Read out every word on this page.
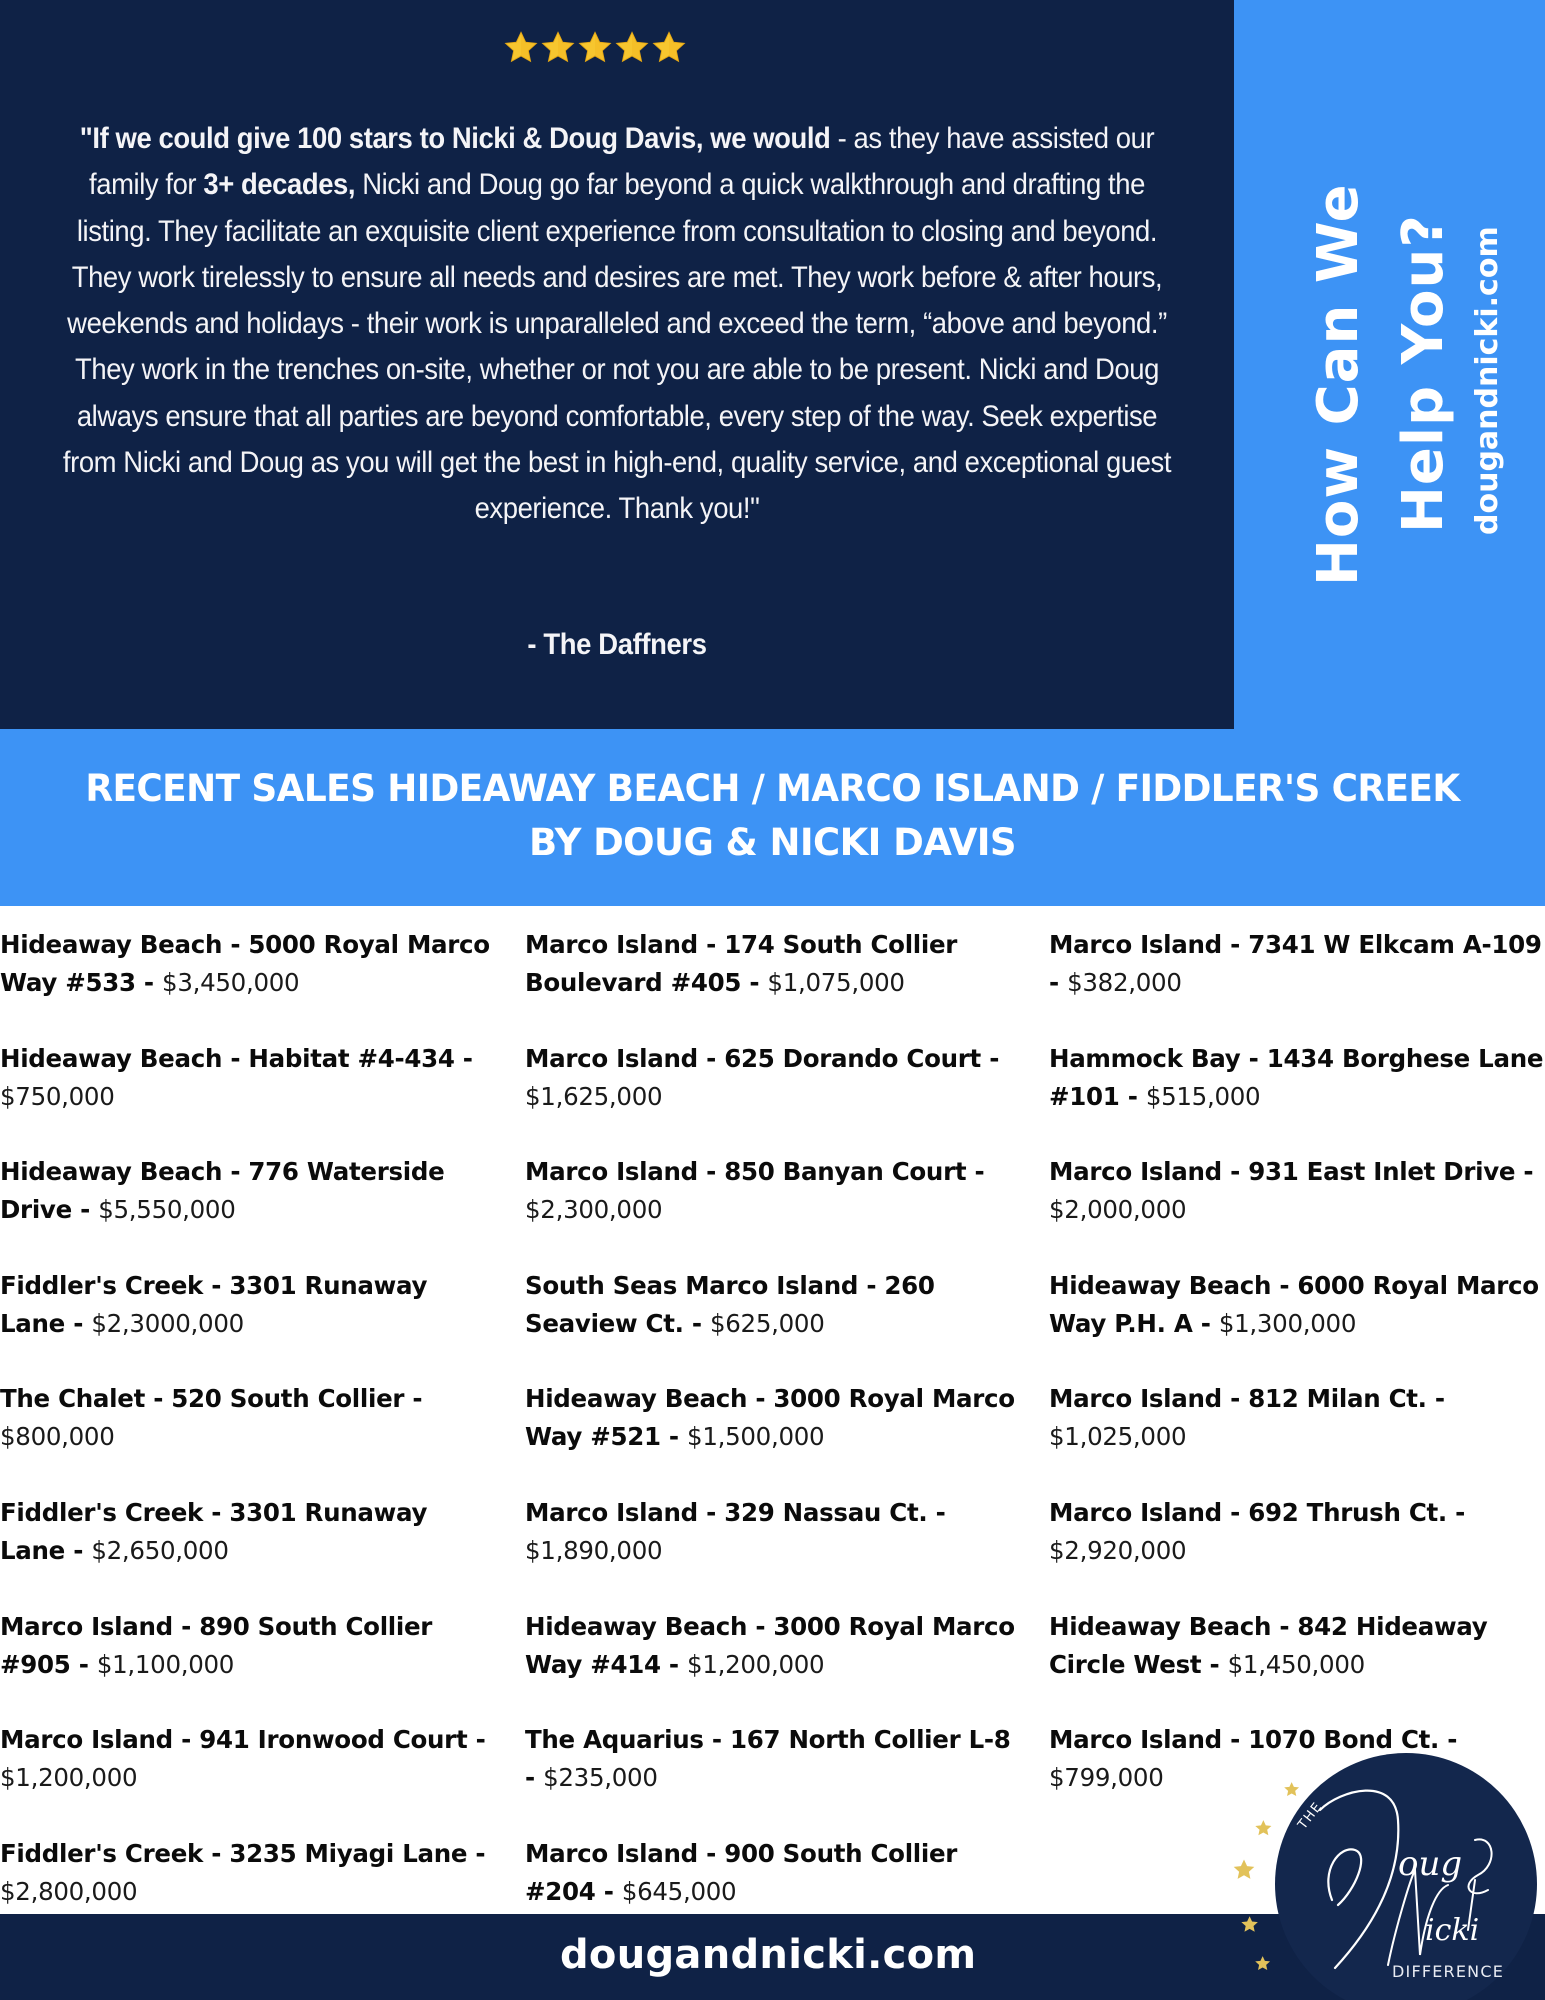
"If we could give 100 stars to Nicki & Doug Davis, we would - as they have assisted our family for 3+ decades, Nicki and Doug go far beyond a quick walkthrough and drafting the listing. They facilitate an exquisite client experience from consultation to closing and beyond. They work tirelessly to ensure all needs and desires are met. They work before & after hours, weekends and holidays - their work is unparalleled and exceed the term, “above and beyond.” They work in the trenches on-site, whether or not you are able to be present. Nicki and Doug always ensure that all parties are beyond comfortable, every step of the way. Seek expertise from Nicki and Doug as you will get the best in high-end, quality service, and exceptional guest experience. Thank you!"

- The Daffners
How Can We Help You? dougandnicki.com
RECENT SALES HIDEAWAY BEACH / MARCO ISLAND / FIDDLER'S CREEK
BY DOUG & NICKI DAVIS
Hideaway Beach - 5000 Royal Marco Way #533 - $3,450,000
Hideaway Beach - Habitat #4-434 - $750,000
Hideaway Beach - 776 Waterside Drive - $5,550,000
Fiddler's Creek - 3301 Runaway Lane - $2,3000,000
The Chalet - 520 South Collier - $800,000
Fiddler's Creek - 3301 Runaway Lane - $2,650,000
Marco Island - 890 South Collier #905 - $1,100,000
Marco Island - 941 Ironwood Court - $1,200,000
Fiddler's Creek - 3235 Miyagi Lane - $2,800,000
Marco Island - 174 South Collier Boulevard #405 - $1,075,000
Marco Island - 625 Dorando Court - $1,625,000
Marco Island - 850 Banyan Court - $2,300,000
South Seas Marco Island - 260 Seaview Ct. - $625,000
Hideaway Beach - 3000 Royal Marco Way #521 - $1,500,000
Marco Island - 329 Nassau Ct. - $1,890,000
Hideaway Beach - 3000 Royal Marco Way #414 - $1,200,000
The Aquarius - 167 North Collier L-8 - $235,000
Marco Island - 900 South Collier #204 - $645,000
Marco Island - 7341 W Elkcam A-109 - $382,000
Hammock Bay - 1434 Borghese Lane #101 - $515,000
Marco Island - 931 East Inlet Drive - $2,000,000
Hideaway Beach - 6000 Royal Marco Way P.H. A - $1,300,000
Marco Island - 812 Milan Ct. - $1,025,000
Marco Island - 692 Thrush Ct. - $2,920,000
Hideaway Beach - 842 Hideaway Circle West - $1,450,000
Marco Island - 1070 Bond Ct. - $799,000
dougandnicki.com
THE
oug
icki
DIFFERENCE
